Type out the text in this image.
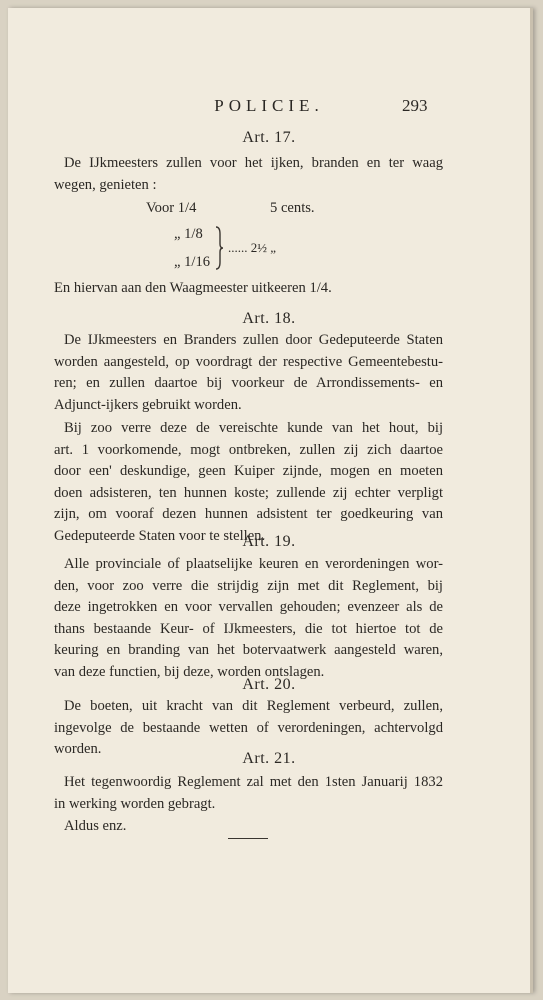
POLICIE.	293
Art. 17.
De IJkmeesters zullen voor het ijken, branden en ter waag
wegen, genieten :
Voor 1/4	5 cents.
„ 1/8
„ 1/16
...... 2½ „
En hiervan aan den Waagmeester uitkeeren 1/4.
Art. 18.
De IJkmeesters en Branders zullen door Gedeputeerde Staten
worden aangesteld, op voordragt der respective Gemeentebestu-
ren; en zullen daartoe bij voorkeur de Arrondissements- en
Adjunct-ijkers gebruikt worden.
Bij zoo verre deze de vereischte kunde van het hout, bij
art. 1 voorkomende, mogt ontbreken, zullen zij zich daartoe
door een' deskundige, geen Kuiper zijnde, mogen en moeten
doen adsisteren, ten hunnen koste; zullende zij echter verpligt
zijn, om vooraf dezen hunnen adsistent ter goedkeuring van
Gedeputeerde Staten voor te stellen.
Art. 19.
Alle provinciale of plaatselijke keuren en verordeningen wor-
den, voor zoo verre die strijdig zijn met dit Reglement, bij
deze ingetrokken en voor vervallen gehouden; evenzeer als de
thans bestaande Keur- of IJkmeesters, die tot hiertoe tot de
keuring en branding van het botervaatwerk aangesteld waren,
van deze functien, bij deze, worden ontslagen.
Art. 20.
De boeten, uit kracht van dit Reglement verbeurd, zullen,
ingevolge de bestaande wetten of verordeningen, achtervolgd
worden.
Art. 21.
Het tegenwoordig Reglement zal met den 1sten Januarij 1832
in werking worden gebragt.
Aldus enz.
